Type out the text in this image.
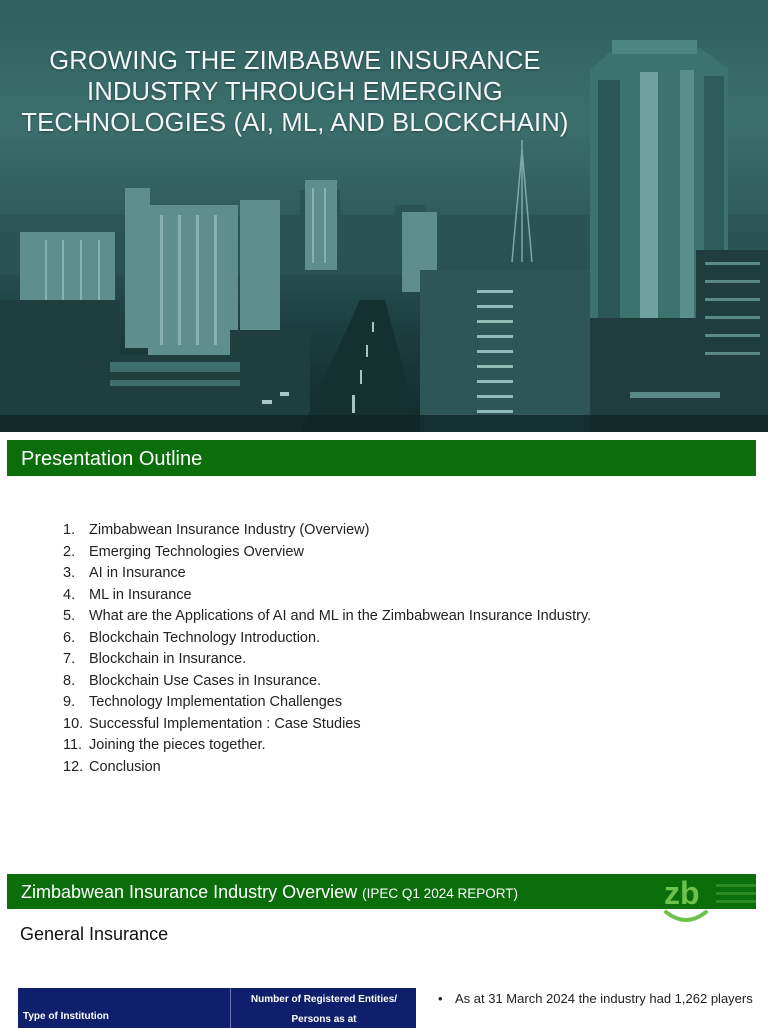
GROWING THE ZIMBABWE INSURANCE INDUSTRY THROUGH EMERGING TECHNOLOGIES (AI, ML, AND BLOCKCHAIN)
Presentation Outline
1. Zimbabwean Insurance Industry (Overview)
2. Emerging Technologies Overview
3. AI in Insurance
4. ML in Insurance
5. What are the Applications of AI and ML in the Zimbabwean Insurance Industry.
6. Blockchain Technology Introduction.
7. Blockchain in Insurance.
8. Blockchain Use Cases in Insurance.
9. Technology Implementation Challenges
10. Successful Implementation : Case Studies
11. Joining the pieces together.
12. Conclusion
Zimbabwean Insurance Industry Overview (IPEC Q1 2024 REPORT)	zb
General Insurance
Type of Institution
Number of Registered Entities/
Persons as at
• As at 31 March 2024 the industry had 1,262 players
